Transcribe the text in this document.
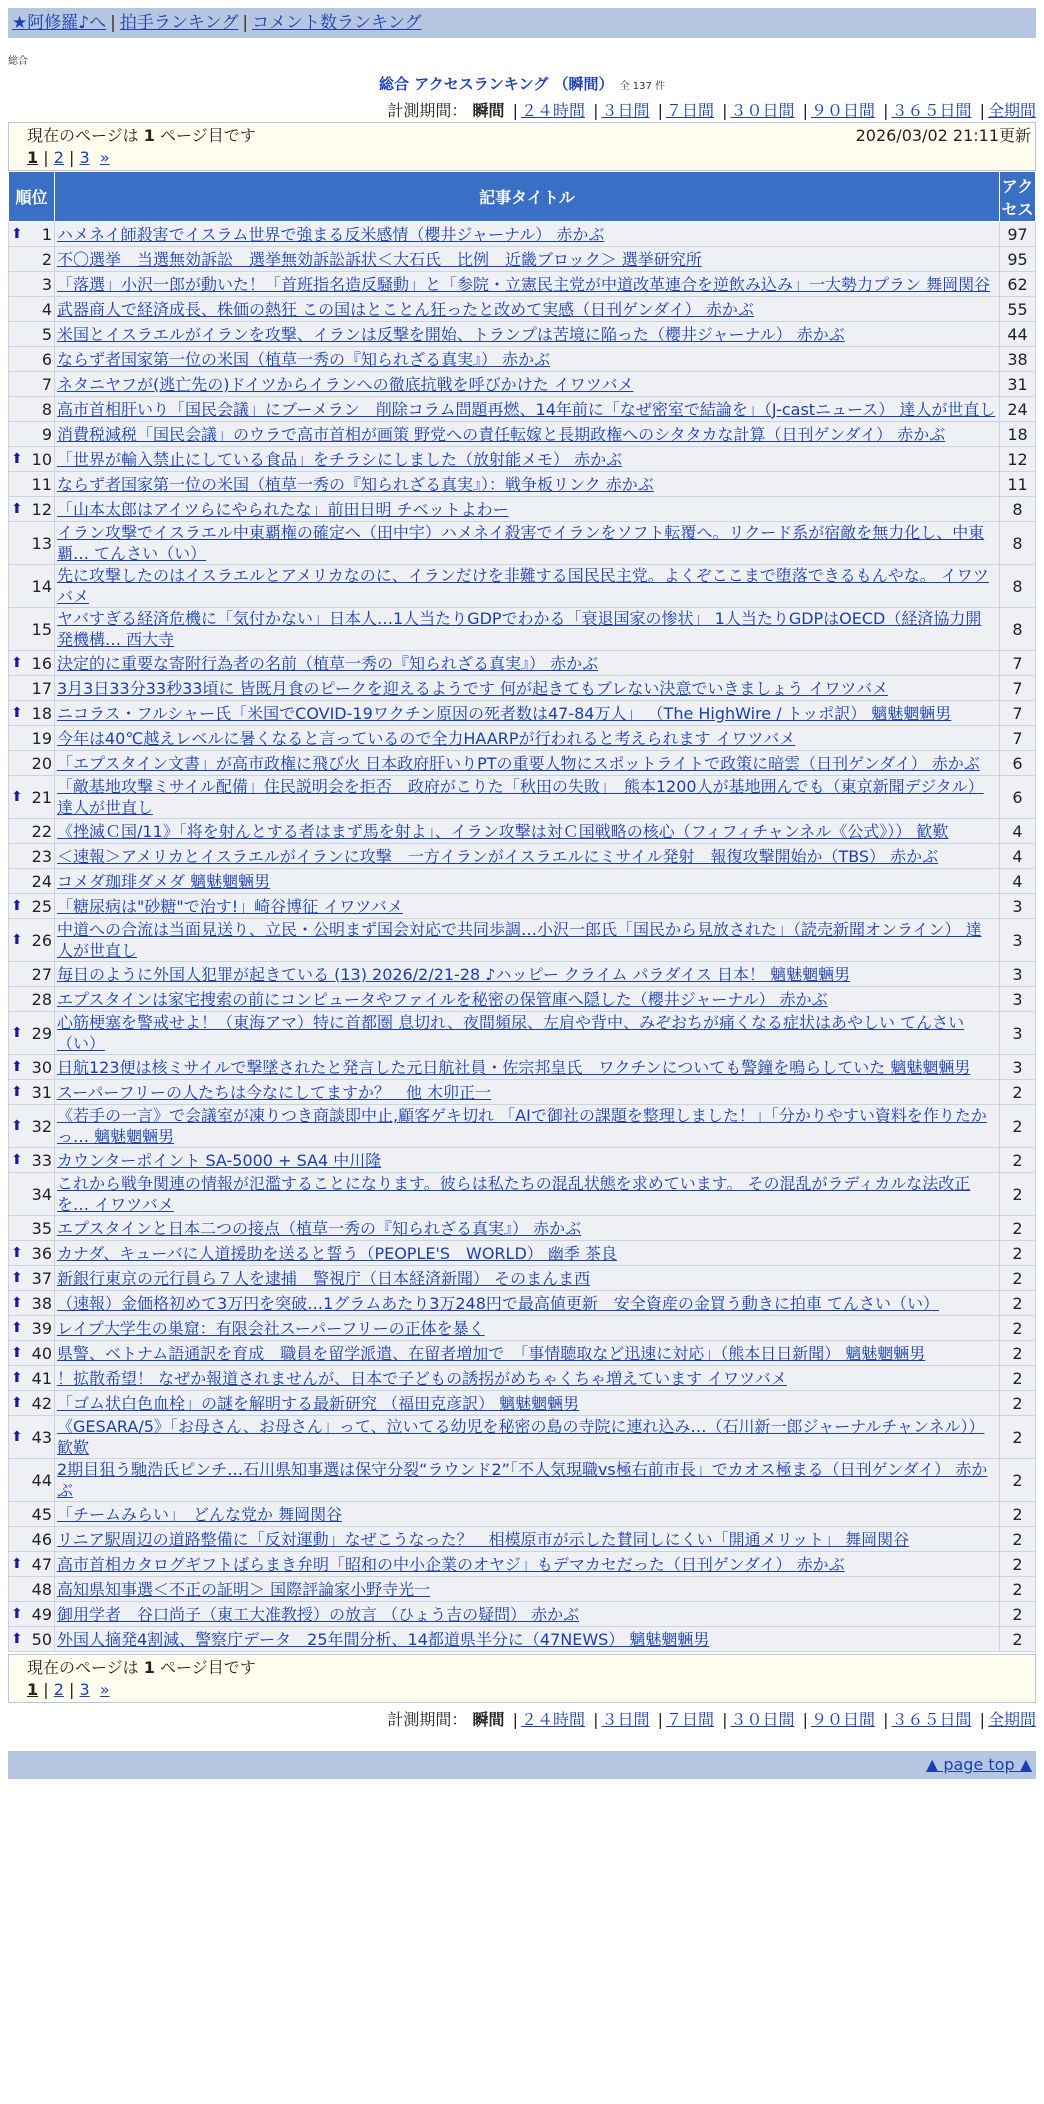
★阿修羅♪へ | 拍手ランキング | コメント数ランキング
総合
総合 アクセスランキング （瞬間） 全 137 件
計測期間： 瞬間 | ２４時間 | ３日間 | ７日間 | ３０日間 | ９０日間 | ３６５日間 | 全期間
現在のページは 1 ページ目です	2026/03/02 21:11更新
1 | 2 | 3 »
順位	記事タイトル	アクセス

⬆ 1	ハメネイ師殺害でイスラム世界で強まる反米感情（櫻井ジャーナル） 赤かぶ	97
2	不〇選挙　当選無効訴訟　選挙無効訴訟訴状＜大石氏　比例　近畿ブロック＞ 選挙研究所	95
3	「落選」小沢一郎が動いた！「首班指名造反騒動」と「参院・立憲民主党が中道改革連合を逆飲み込み」一大勢力プラン 舞岡関谷	62
4	武器商人で経済成長、株価の熱狂 この国はとことん狂ったと改めて実感（日刊ゲンダイ） 赤かぶ	55
5	米国とイスラエルがイランを攻撃、イランは反撃を開始、トランプは苦境に陥った（櫻井ジャーナル） 赤かぶ	44
6	ならず者国家第一位の米国（植草一秀の『知られざる真実』） 赤かぶ	38
7	ネタニヤフが(逃亡先の)ドイツからイランへの徹底抗戦を呼びかけた イワツバメ	31
8	高市首相肝いり「国民会議」にブーメラン　削除コラム問題再燃、14年前に「なぜ密室で結論を」（J-castニュース） 達人が世直し	24
9	消費税減税「国民会議」のウラで高市首相が画策 野党への責任転嫁と長期政権へのシタタカな計算（日刊ゲンダイ） 赤かぶ	18

⬆ 10	「世界が輸入禁止にしている食品」をチラシにしました（放射能メモ） 赤かぶ	12
11	ならず者国家第一位の米国（植草一秀の『知られざる真実』）：戦争板リンク 赤かぶ	11

⬆ 12	「山本太郎はアイツらにやられたな」前田日明 チベットよわー	8
13	イラン攻撃でイスラエル中東覇権の確定へ（田中宇）ハメネイ殺害でイランをソフト転覆へ。リクード系が宿敵を無力化し、中東覇… てんさい（い）	8
14	先に攻撃したのはイスラエルとアメリカなのに、イランだけを非難する国民民主党。よくぞここまで堕落できるもんやな。 イワツバメ	8
15	ヤバすぎる経済危機に「気付かない」日本人…1人当たりGDPでわかる「衰退国家の惨状」 1人当たりGDPはOECD（経済協力開発機構… 西大寺	8

⬆ 16	決定的に重要な寄附行為者の名前（植草一秀の『知られざる真実』） 赤かぶ	7
17	3月3日33分33秒33頃に 皆既月食のピークを迎えるようです 何が起きてもブレない決意でいきましょう イワツバメ	7

⬆ 18	ニコラス・フルシャー氏「米国でCOVID-19ワクチン原因の死者数は47-84万人」 （The HighWire / トッポ訳） 魑魅魍魎男	7
19	今年は40℃越えレベルに暑くなると言っているので全力HAARPが行われると考えられます イワツバメ	7
20	「エプスタイン文書」が高市政権に飛び火 日本政府肝いりPTの重要人物にスポットライトで政策に暗雲（日刊ゲンダイ） 赤かぶ	6

⬆ 21	「敵基地攻撃ミサイル配備」住民説明会を拒否　政府がこりた「秋田の失敗」　熊本1200人が基地囲んでも（東京新聞デジタル） 達人が世直し	6
22	《挫滅Ｃ国/11》「将を射んとする者はまず馬を射よ」、イラン攻撃は対Ｃ国戦略の核心（フィフィチャンネル《公式》）） 歓歎	4
23	＜速報＞アメリカとイスラエルがイランに攻撃　一方イランがイスラエルにミサイル発射　報復攻撃開始か（TBS） 赤かぶ	4
24	コメダ珈琲ダメダ 魑魅魍魎男	4

⬆ 25	「糖尿病は"砂糖"で治す!」崎谷博征 イワツバメ	3

⬆ 26	中道への合流は当面見送り、立民・公明まず国会対応で共同歩調…小沢一郎氏「国民から見放された」（読売新聞オンライン） 達人が世直し	3
27	毎日のように外国人犯罪が起きている (13) 2026/2/21-28 ♪ハッピー クライム パラダイス 日本！ 魑魅魍魎男	3
28	エプスタインは家宅捜索の前にコンピュータやファイルを秘密の保管庫へ隠した（櫻井ジャーナル） 赤かぶ	3

⬆ 29	心筋梗塞を警戒せよ！（東海アマ）特に首都圏 息切れ、夜間頻尿、左肩や背中、みぞおちが痛くなる症状はあやしい てんさい（い）	3

⬆ 30	日航123便は核ミサイルで撃墜されたと発言した元日航社員・佐宗邦皇氏　ワクチンについても警鐘を鳴らしていた 魑魅魍魎男	3

⬆ 31	スーパーフリーの人たちは今なにしてますか？　他 木卯正一	2

⬆ 32	《若手の一言》で会議室が凍りつき商談即中止,顧客ゲキ切れ 「AIで御社の課題を整理しました！」「分かりやすい資料を作りたかっ… 魑魅魍魎男	2

⬆ 33	カウンターポイント SA-5000 + SA4 中川隆	2
34	これから戦争関連の情報が氾濫することになります。彼らは私たちの混乱状態を求めています。 その混乱がラディカルな法改正を… イワツバメ	2
35	エプスタインと日本二つの接点（植草一秀の『知られざる真実』） 赤かぶ	2

⬆ 36	カナダ、キューバに人道援助を送ると誓う（PEOPLE'S　WORLD） 幽季 茶良	2

⬆ 37	新銀行東京の元行員ら７人を逮捕　警視庁（日本経済新聞） そのまんま西	2

⬆ 38	（速報）金価格初めて3万円を突破…1グラムあたり3万248円で最高値更新　安全資産の金買う動きに拍車 てんさい（い）	2

⬆ 39	レイプ大学生の巣窟：有限会社スーパーフリーの正体を暴く	2

⬆ 40	県警、ベトナム語通訳を育成　職員を留学派遣、在留者増加で　「事情聴取など迅速に対応」（熊本日日新聞） 魑魅魍魎男	2

⬆ 41	！拡散希望！ なぜか報道されませんが、日本で子どもの誘拐がめちゃくちゃ増えています イワツバメ	2

⬆ 42	「ゴム状白色血栓」の謎を解明する最新研究 （福田克彦訳） 魑魅魍魎男	2

⬆ 43	《GESARA/5》「お母さん、お母さん」って、泣いてる幼児を秘密の島の寺院に連れ込み…（石川新一郎ジャーナルチャンネル）） 歓歎	2
44	2期目狙う馳浩氏ピンチ…石川県知事選は保守分裂“ラウンド2”「不人気現職vs極右前市長」でカオス極まる（日刊ゲンダイ） 赤かぶ	2
45	「チームみらい」　どんな党か 舞岡関谷	2
46	リニア駅周辺の道路整備に「反対運動」なぜこうなった？　相模原市が示した賛同しにくい「開通メリット」 舞岡関谷	2

⬆ 47	高市首相カタログギフトばらまき弁明「昭和の中小企業のオヤジ」もデマカセだった（日刊ゲンダイ） 赤かぶ	2
48	高知県知事選＜不正の証明＞ 国際評論家小野寺光一	2

⬆ 49	御用学者　谷口尚子（東工大准教授）の放言 （ひょう吉の疑問） 赤かぶ	2

⬆ 50	外国人摘発4割減、警察庁データ　25年間分析、14都道県半分に（47NEWS） 魑魅魍魎男	2
現在のページは 1 ページ目です
1 | 2 | 3 »
計測期間： 瞬間 | ２４時間 | ３日間 | ７日間 | ３０日間 | ９０日間 | ３６５日間 | 全期間
▲ page top ▲
